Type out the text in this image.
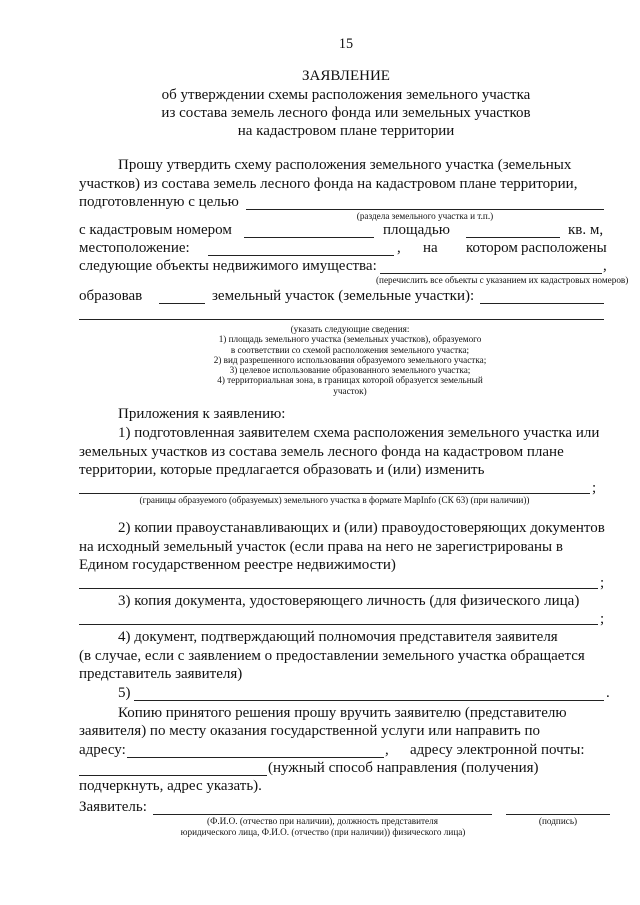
15
ЗАЯВЛЕНИЕ
об утверждении схемы расположения земельного участка
из состава земель лесного фонда или земельных участков
на кадастровом плане территории
Прошу утвердить схему расположения земельного участка (земельных
участков) из состава земель лесного фонда на кадастровом плане территории,
подготовленную с целью
(раздела земельного участка и т.п.)
с кадастровым номером	площадью	кв. м,
местоположение:	, на котором расположены
следующие объекты недвижимого имущества:	,
(перечислить все объекты с указанием их кадастровых номеров)
образовав	земельный участок (земельные участки):
(указать следующие сведения:
1) площадь земельного участка (земельных участков), образуемого
в соответствии со схемой расположения земельного участка;
2) вид разрешенного использования образуемого земельного участка;
3) целевое использование образованного земельного участка;
4) территориальная зона, в границах которой образуется земельный
участок)
Приложения к заявлению:
1) подготовленная заявителем схема расположения земельного участка или
земельных участков из состава земель лесного фонда на кадастровом плане
территории, которые предлагается образовать и (или) изменить
;
(границы образуемого (образуемых) земельного участка в формате MapInfo (СК 63) (при наличии))
2) копии правоустанавливающих и (или) правоудостоверяющих документов
на исходный земельный участок (если права на него не зарегистрированы в
Едином государственном реестре недвижимости)
;
3) копия документа, удостоверяющего личность (для физического лица)
;
4) документ, подтверждающий полномочия представителя заявителя
(в случае, если с заявлением о предоставлении земельного участка обращается
представитель заявителя)
5)	.
Копию принятого решения прошу вручить заявителю (представителю
заявителя) по месту оказания государственной услуги или направить по
адресу:	, адресу электронной почты:
(нужный способ направления (получения)
подчеркнуть, адрес указать).
Заявитель:
(Ф.И.О. (отчество при наличии), должность представителя
юридического лица, Ф.И.О. (отчество (при наличии)) физического лица)
(подпись)
